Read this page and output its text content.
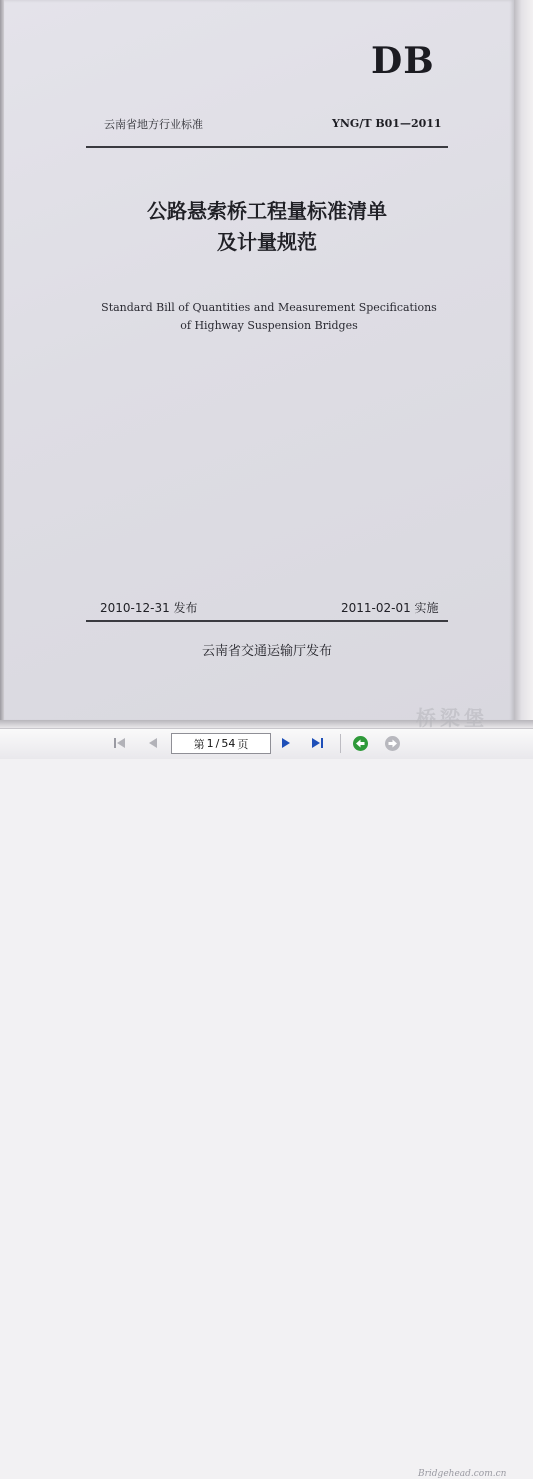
DB
云南省地方行业标准	YNG/T B01—2011
公路悬索桥工程量标准清单
及计量规范
Standard Bill of Quantities and Measurement Specifications
of Highway Suspension Bridges
2010-12-31 发布	2011-02-01 实施
云南省交通运输厅发布
桥梁堡
第 1 / 54 页
Bridgehead.com.cn
